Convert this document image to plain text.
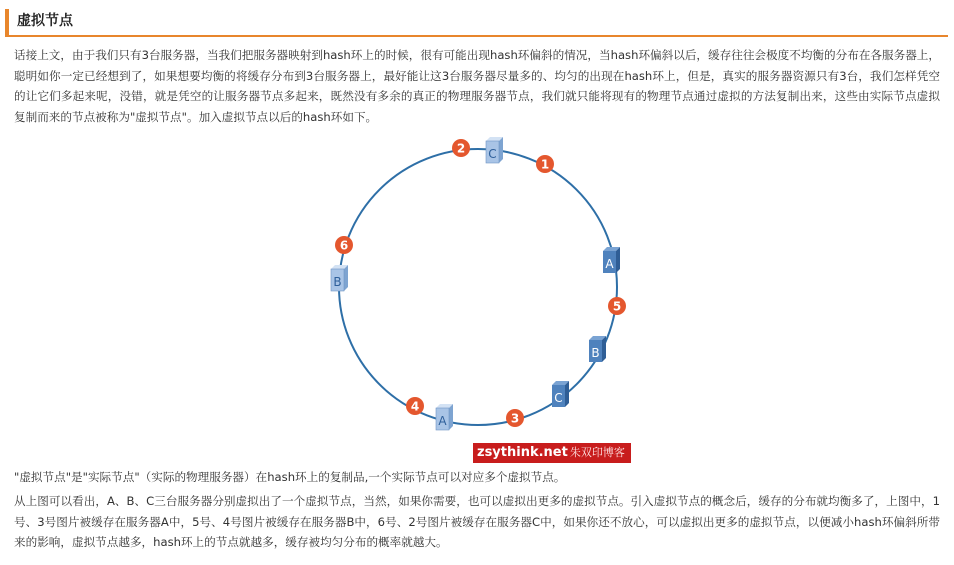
虚拟节点

话接上文，由于我们只有3台服务器，当我们把服务器映射到hash环上的时候，很有可能出现hash环偏斜的情况，当hash环偏斜以后，缓存往往会极度不均衡的分布在各服务器上，聪明如你一定已经想到了，如果想要均衡的将缓存分布到3台服务器上，最好能让这3台服务器尽量多的、均匀的出现在hash环上，但是，真实的服务器资源只有3台，我们怎样凭空的让它们多起来呢，没错，就是凭空的让服务器节点多起来，既然没有多余的真正的物理服务器节点，我们就只能将现有的物理节点通过虚拟的方法复制出来，这些由实际节点虚拟复制而来的节点被称为"虚拟节点"。加入虚拟节点以后的hash环如下。

1
2
3
4
5
6
A
B
C
A
B
C
zsythink.net 朱双印博客

"虚拟节点"是"实际节点"（实际的物理服务器）在hash环上的复制品,一个实际节点可以对应多个虚拟节点。

从上图可以看出，A、B、C三台服务器分别虚拟出了一个虚拟节点，当然，如果你需要，也可以虚拟出更多的虚拟节点。引入虚拟节点的概念后，缓存的分布就均衡多了，上图中，1号、3号图片被缓存在服务器A中，5号、4号图片被缓存在服务器B中，6号、2号图片被缓存在服务器C中，如果你还不放心，可以虚拟出更多的虚拟节点，以便减小hash环偏斜所带来的影响，虚拟节点越多，hash环上的节点就越多，缓存被均匀分布的概率就越大。
